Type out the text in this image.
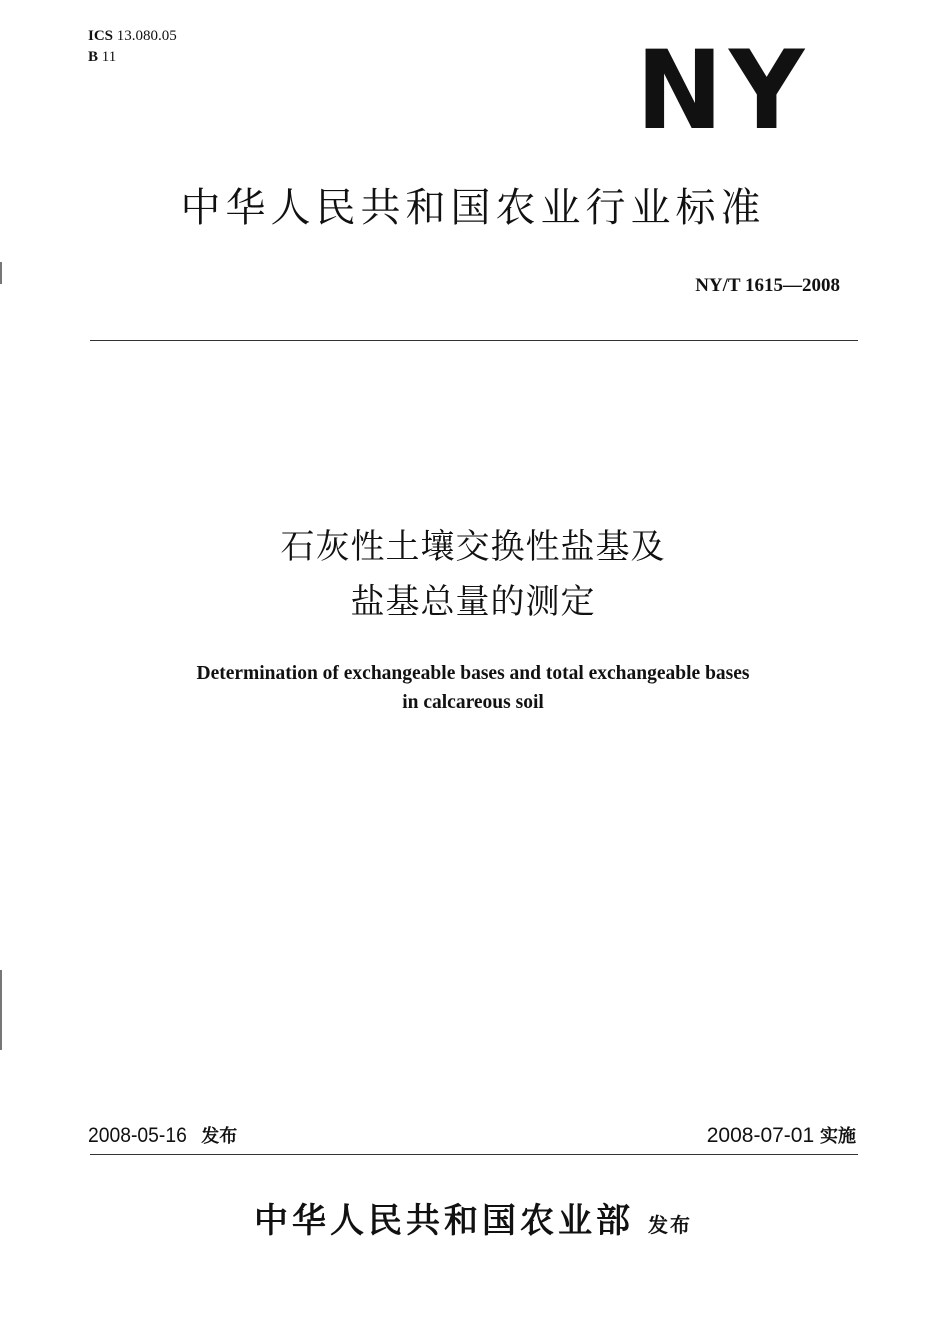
ICS 13.080.05
B 11	NY
中华人民共和国农业行业标准
NY/T 1615—2008
石灰性土壤交换性盐基及
盐基总量的测定
Determination of exchangeable bases and total exchangeable bases
in calcareous soil
2008-05-16 发布	2008-07-01 实施
中华人民共和国农业部 发布
